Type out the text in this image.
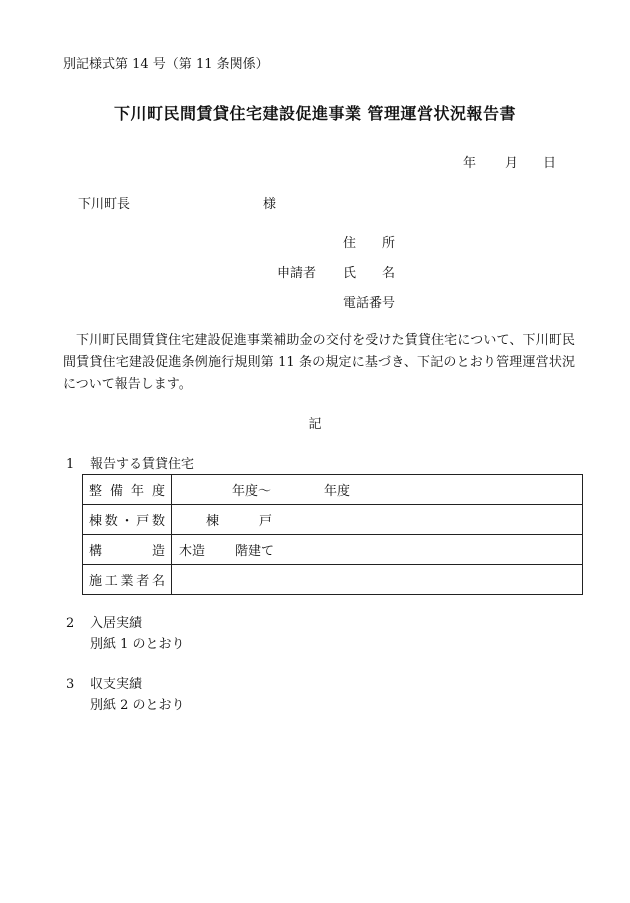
別記様式第 14 号（第 11 条関係）
下川町民間賃貸住宅建設促進事業 管理運営状況報告書
年 月 日
下川町長	様
申請者
住 所
氏 名
電話番号
下川町民間賃貸住宅建設促進事業補助金の交付を受けた賃貸住宅について、下川町民間賃貸住宅建設促進条例施行規則第 11 条の規定に基づき、下記のとおり管理運営状況について報告します。
記
1 報告する賃貸住宅
整 備 年 度	年度～ 年度

棟 数 ・ 戸 数	棟 戸

構 造	木造 階建て

施 工 業 者 名	

2 入居実績
別紙 1 のとおり
3 収支実績
別紙 2 のとおり
